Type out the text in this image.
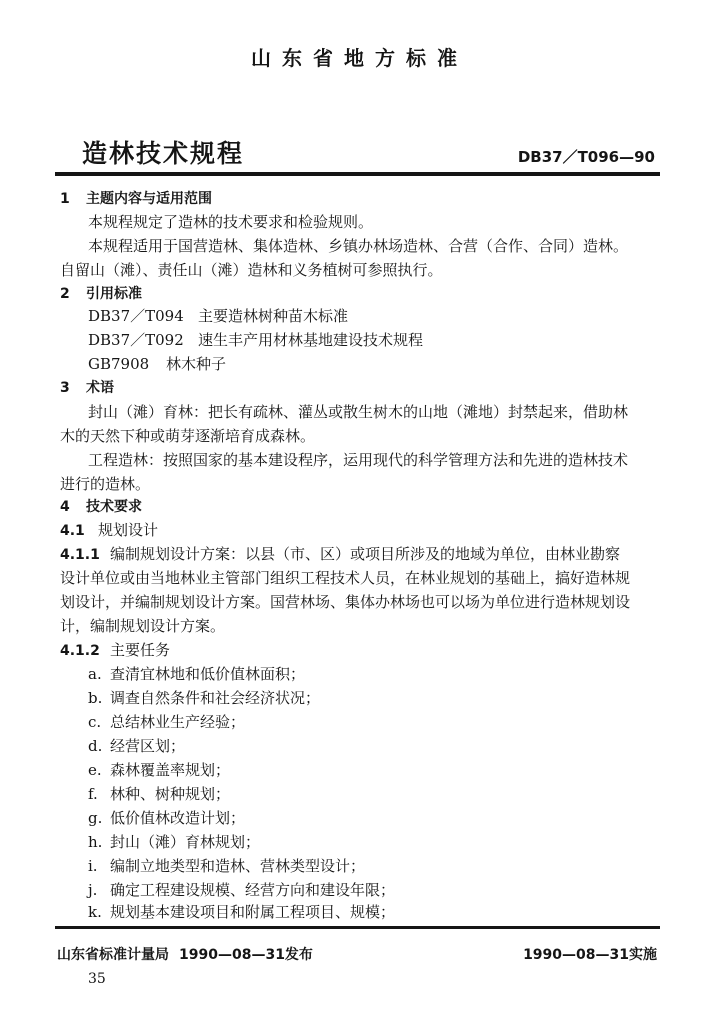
山东省地方标准
造林技术规程	DB37／T096—90
1 主题内容与适用范围
本规程规定了造林的技术要求和检验规则。
本规程适用于国营造林、集体造林、乡镇办林场造林、合营（合作、合同）造林。
自留山（滩）、责任山（滩）造林和义务植树可参照执行。
2 引用标准
DB37／T094 主要造林树种苗木标准
DB37／T092 速生丰产用材林基地建设技术规程
GB7908 林木种子
3 术语
封山（滩）育林：把长有疏林、灌丛或散生树木的山地（滩地）封禁起来，借助林
木的天然下种或萌芽逐渐培育成森林。
工程造林：按照国家的基本建设程序，运用现代的科学管理方法和先进的造林技术
进行的造林。
4 技术要求
4.1 规划设计
4.1.1 编制规划设计方案：以县（市、区）或项目所涉及的地域为单位，由林业勘察
设计单位或由当地林业主管部门组织工程技术人员，在林业规划的基础上，搞好造林规
划设计，并编制规划设计方案。国营林场、集体办林场也可以场为单位进行造林规划设
计，编制规划设计方案。
4.1.2 主要任务
a. 查清宜林地和低价值林面积；
b. 调查自然条件和社会经济状况；
c. 总结林业生产经验；
d. 经营区划；
e. 森林覆盖率规划；
f. 林种、树种规划；
g. 低价值林改造计划；
h. 封山（滩）育林规划；
i. 编制立地类型和造林、营林类型设计；
j. 确定工程建设规模、经营方向和建设年限；
k. 规划基本建设项目和附属工程项目、规模；
山东省标准计量局 1990—08—31发布	1990—08—31实施
35
